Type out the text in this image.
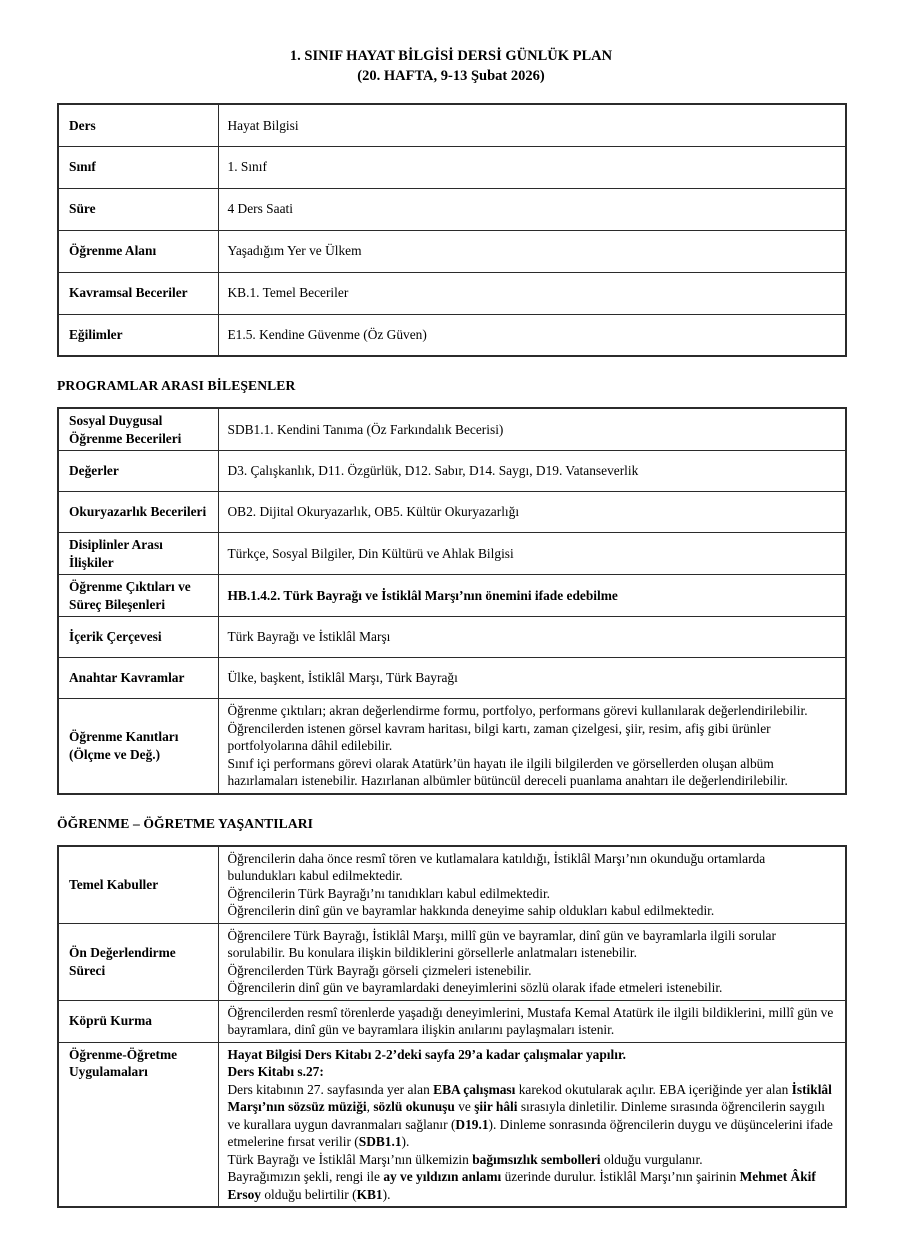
1. SINIF HAYAT BİLGİSİ DERSİ GÜNLÜK PLAN

(20. HAFTA, 9-13 Şubat 2026)

Ders	Hayat Bilgisi
Sınıf	1. Sınıf
Süre	4 Ders Saati
Öğrenme Alanı	Yaşadığım Yer ve Ülkem
Kavramsal Beceriler	KB.1. Temel Beceriler
Eğilimler	E1.5. Kendine Güvenme (Öz Güven)
PROGRAMLAR ARASI BİLEŞENLER
Sosyal Duygusal Öğrenme Becerileri	SDB1.1. Kendini Tanıma (Öz Farkındalık Becerisi)
Değerler	D3. Çalışkanlık, D11. Özgürlük, D12. Sabır, D14. Saygı, D19. Vatanseverlik
Okuryazarlık Becerileri	OB2. Dijital Okuryazarlık, OB5. Kültür Okuryazarlığı
Disiplinler Arası İlişkiler	Türkçe, Sosyal Bilgiler, Din Kültürü ve Ahlak Bilgisi
Öğrenme Çıktıları ve Süreç Bileşenleri	HB.1.4.2. Türk Bayrağı ve İstiklâl Marşı’nın önemini ifade edebilme

İçerik Çerçevesi	Türk Bayrağı ve İstiklâl Marşı
Anahtar Kavramlar	Ülke, başkent, İstiklâl Marşı, Türk Bayrağı
Öğrenme Kanıtları (Ölçme ve Değ.)	Öğrenme çıktıları; akran değerlendirme formu, portfolyo, performans görevi kullanılarak değerlendirilebilir. Öğrencilerden istenen görsel kavram haritası, bilgi kartı, zaman çizelgesi, şiir, resim, afiş gibi ürünler portfolyolarına dâhil edilebilir.
Sınıf içi performans görevi olarak Atatürk’ün hayatı ile ilgili bilgilerden ve görsellerden oluşan albüm hazırlamaları istenebilir. Hazırlanan albümler bütüncül dereceli puanlama anahtarı ile değerlendirilebilir.
ÖĞRENME – ÖĞRETME YAŞANTILARI
Temel Kabuller	Öğrencilerin daha önce resmî tören ve kutlamalara katıldığı, İstiklâl Marşı’nın okunduğu ortamlarda bulundukları kabul edilmektedir.
Öğrencilerin Türk Bayrağı’nı tanıdıkları kabul edilmektedir.
Öğrencilerin dinî gün ve bayramlar hakkında deneyime sahip oldukları kabul edilmektedir.

Ön Değerlendirme Süreci	Öğrencilere Türk Bayrağı, İstiklâl Marşı, millî gün ve bayramlar, dinî gün ve bayramlarla ilgili sorular sorulabilir. Bu konulara ilişkin bildiklerini görsellerle anlatmaları istenebilir.
Öğrencilerden Türk Bayrağı görseli çizmeleri istenebilir.
Öğrencilerin dinî gün ve bayramlardaki deneyimlerini sözlü olarak ifade etmeleri istenebilir.

Köprü Kurma	Öğrencilerden resmî törenlerde yaşadığı deneyimlerini, Mustafa Kemal Atatürk ile ilgili bildiklerini, millî gün ve bayramlara, dinî gün ve bayramlara ilişkin anılarını paylaşmaları istenir.

Öğrenme-Öğretme Uygulamaları	Hayat Bilgisi Ders Kitabı 2-2’deki sayfa 29’a kadar çalışmalar yapılır.
Ders Kitabı s.27:
Ders kitabının 27. sayfasında yer alan EBA çalışması karekod okutularak açılır. EBA içeriğinde yer alan İstiklâl Marşı’nın sözsüz müziği, sözlü okunuşu ve şiir hâli sırasıyla dinletilir. Dinleme sırasında öğrencilerin saygılı ve kurallara uygun davranmaları sağlanır (D19.1). Dinleme sonrasında öğrencilerin duygu ve düşüncelerini ifade etmelerine fırsat verilir (SDB1.1).
Türk Bayrağı ve İstiklâl Marşı’nın ülkemizin bağımsızlık sembolleri olduğu vurgulanır.
Bayrağımızın şekli, rengi ile ay ve yıldızın anlamı üzerinde durulur. İstiklâl Marşı’nın şairinin Mehmet Âkif Ersoy olduğu belirtilir (KB1).
